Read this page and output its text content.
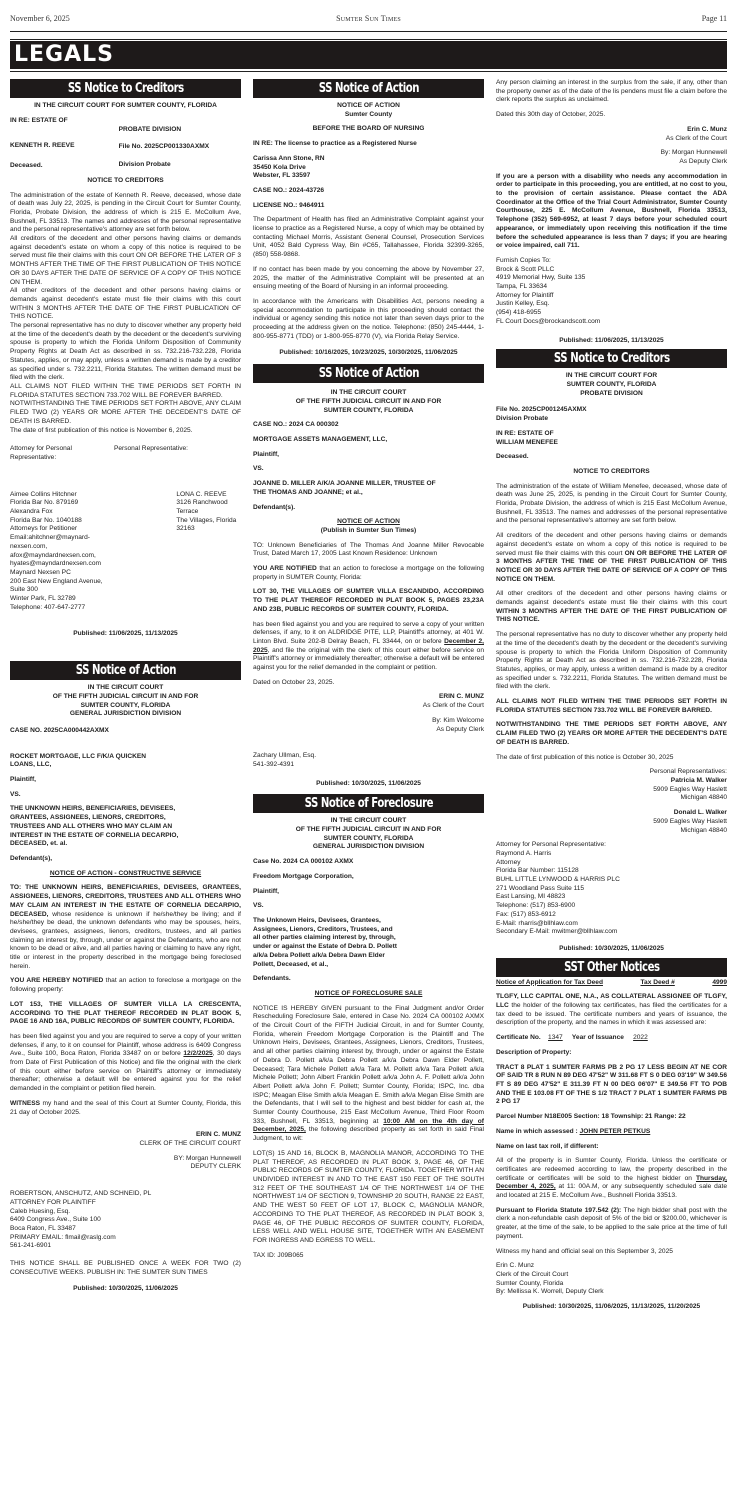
November 6, 2025	Sumter Sun Times	Page 11
LEGALS
SS Notice to Creditors

IN THE CIRCUIT COURT FOR SUMTER COUNTY, FLORIDA

IN RE: ESTATE OF
KENNETH R. REEVE
Deceased.
PROBATE DIVISION
File No. 2025CP001330AXMX
Division Probate

NOTICE TO CREDITORS

The administration of the estate of Kenneth R. Reeve, deceased, whose date of death was July 22, 2025, is pending in the Circuit Court for Sumter County, Florida, Probate Division, the address of which is 215 E. McCollum Ave, Bushnell, FL 33513. The names and addresses of the personal representative and the personal representative's attorney are set forth below.

All creditors of the decedent and other persons having claims or demands against decedent's estate on whom a copy of this notice is required to be served must file their claims with this court ON OR BEFORE THE LATER OF 3 MONTHS AFTER THE TIME OF THE FIRST PUBLICATION OF THIS NOTICE OR 30 DAYS AFTER THE DATE OF SERVICE OF A COPY OF THIS NOTICE ON THEM.

All other creditors of the decedent and other persons having claims or demands against decedent's estate must file their claims with this court WITHIN 3 MONTHS AFTER THE DATE OF THE FIRST PUBLICATION OF THIS NOTICE.

The personal representative has no duty to discover whether any property held at the time of the decedent's death by the decedent or the decedent's surviving spouse is property to which the Florida Uniform Disposition of Community Property Rights at Death Act as described in ss. 732.216-732.228, Florida Statutes, applies, or may apply, unless a written demand is made by a creditor as specified under s. 732.2211, Florida Statutes. The written demand must be filed with the clerk.

ALL CLAIMS NOT FILED WITHIN THE TIME PERIODS SET FORTH IN FLORIDA STATUTES SECTION 733.702 WILL BE FOREVER BARRED.

NOTWITHSTANDING THE TIME PERIODS SET FORTH ABOVE, ANY CLAIM FILED TWO (2) YEARS OR MORE AFTER THE DECEDENT'S DATE OF DEATH IS BARRED.

The date of first publication of this notice is November 6, 2025.

Attorney for Personal Representative:
Personal Representative:
Aimee Collins Hitchner
Florida Bar No. 879169
Alexandra Fox
Florida Bar No. 1040188
Attorneys for Petitioner
Email:ahitchner@maynard-nexsen.com,
afox@mayndardnexsen.com,
hyates@mayndardnexsen.com
Maynard Nexsen PC
200 East New England Avenue, Suite 300
Winter Park, FL 32789
Telephone: 407-647-2777
LONA C. REEVE
3126 Ranchwood Terrace
The Villages, Florida 32163
Published: 11/06/2025, 11/13/2025
SS Notice of Action
IN THE CIRCUIT COURT
OF THE FIFTH JUDICIAL CIRCUIT IN AND FOR
SUMTER COUNTY, FLORIDA
GENERAL JURISDICTION DIVISION

CASE NO. 2025CA000442AXMX

ROCKET MORTGAGE, LLC F/K/A QUICKEN LOANS, LLC,

Plaintiff,

VS.

THE UNKNOWN HEIRS, BENEFICIARIES, DEVISEES, GRANTEES, ASSIGNEES, LIENORS, CREDITORS, TRUSTEES AND ALL OTHERS WHO MAY CLAIM AN INTEREST IN THE ESTATE OF CORNELIA DECARPIO, DECEASED, et. al.

Defendant(s),

NOTICE OF ACTION - CONSTRUCTIVE SERVICE

TO: THE UNKNOWN HEIRS, BENEFICIARIES, DEVISEES, GRANTEES, ASSIGNEES, LIENORS, CREDITORS, TRUSTEES AND ALL OTHERS WHO MAY CLAIM AN INTEREST IN THE ESTATE OF CORNELIA DECARPIO, DECEASED, whose residence is unknown if he/she/they be living; and if he/she/they be dead, the unknown defendants who may be spouses, heirs, devisees, grantees, assignees, lienors, creditors, trustees, and all parties claiming an interest by, through, under or against the Defendants, who are not known to be dead or alive, and all parties having or claiming to have any right, title or interest in the property described in the mortgage being foreclosed herein.

YOU ARE HEREBY NOTIFIED that an action to foreclose a mortgage on the following property:

LOT 153, THE VILLAGES OF SUMTER VILLA LA CRESCENTA, ACCORDING TO THE PLAT THEREOF RECORDED IN PLAT BOOK 5, PAGE 16 AND 16A, PUBLIC RECORDS OF SUMTER COUNTY, FLORIDA.

has been filed against you and you are required to serve a copy of your written defenses, if any, to it on counsel for Plaintiff, whose address is 6409 Congress Ave., Suite 100, Boca Raton, Florida 33487 on or before 12/2/2025, 30 days from Date of First Publication of this Notice) and file the original with the clerk of this court either before service on Plaintiff's attorney or immediately thereafter; otherwise a default will be entered against you for the relief demanded in the complaint or petition filed herein.

WITNESS my hand and the seal of this Court at Sumter County, Florida, this 21 day of October 2025.

ERIN C. MUNZ
CLERK OF THE CIRCUIT COURT
BY: Morgan Hunnewell
DEPUTY CLERK
ROBERTSON, ANSCHUTZ, AND SCHNEID, PL
ATTORNEY FOR PLAINTIFF
Caleb Huesing, Esq.
6409 Congress Ave., Suite 100
Boca Raton, FL 33487
PRIMARY EMAIL: flmail@raslg.com
561-241-6901

THIS NOTICE SHALL BE PUBLISHED ONCE A WEEK FOR TWO (2) CONSECUTIVE WEEKS. PUBLISH IN: THE SUMTER SUN TIMES

Published: 10/30/2025, 11/06/2025
SS Notice of Action
NOTICE OF ACTION
Sumter County

BEFORE THE BOARD OF NURSING

IN RE: The license to practice as a Registered Nurse

Carissa Ann Stone, RN
35450 Kola Drive
Webster, FL 33597

CASE NO.: 2024-43726

LICENSE NO.: 9464911

The Department of Health has filed an Administrative Complaint against your license to practice as a Registered Nurse, a copy of which may be obtained by contacting Michael Morris, Assistant General Counsel, Prosecution Services Unit, 4052 Bald Cypress Way, Bin #C65, Tallahassee, Florida 32399-3265, (850) 558-9868.

If no contact has been made by you concerning the above by November 27, 2025, the matter of the Administrative Complaint will be presented at an ensuing meeting of the Board of Nursing in an informal proceeding.

In accordance with the Americans with Disabilities Act, persons needing a special accommodation to participate in this proceeding should contact the individual or agency sending this notice not later than seven days prior to the proceeding at the address given on the notice. Telephone: (850) 245-4444, 1-800-955-8771 (TDD) or 1-800-955-8770 (V), via Florida Relay Service.

Published: 10/16/2025, 10/23/2025, 10/30/2025, 11/06/2025
SS Notice of Action
IN THE CIRCUIT COURT
OF THE FIFTH JUDICIAL CIRCUIT IN AND FOR
SUMTER COUNTY, FLORIDA

CASE NO.: 2024 CA 000302

MORTGAGE ASSETS MANAGEMENT, LLC,

Plaintiff,

VS.

JOANNE D. MILLER A/K/A JOANNE MILLER, TRUSTEE OF THE THOMAS AND JOANNE; et al.,

Defendant(s).

NOTICE OF ACTION
(Publish in Sumter Sun Times)

TO: Unknown Beneficiaries of The Thomas And Joanne Miller Revocable Trust, Dated March 17, 2005 Last Known Residence: Unknown

YOU ARE NOTIFIED that an action to foreclose a mortgage on the following property in SUMTER County, Florida:

LOT 30, THE VILLAGES OF SUMTER VILLA ESCANDIDO, ACCORDING TO THE PLAT THEREOF RECORDED IN PLAT BOOK 5, PAGES 23,23A AND 23B, PUBLIC RECORDS OF SUMTER COUNTY, FLORIDA.

has been filed against you and you are required to serve a copy of your written defenses, if any, to it on ALDRIDGE PITE, LLP, Plaintiff's attorney, at 401 W. Linton Blvd. Suite 202-B Delray Beach, FL 33444, on or before December 2, 2025, and file the original with the clerk of this court either before service on Plaintiff's attorney or immediately thereafter; otherwise a default will be entered against you for the relief demanded in the complaint or petition.

Dated on October 23, 2025.

ERIN C. MUNZ
As Clerk of the Court
By: Kim Welcome
As Deputy Clerk
Zachary Ullman, Esq.
541-392-4391
Published: 10/30/2025, 11/06/2025
SS Notice of Foreclosure
IN THE CIRCUIT COURT
OF THE FIFTH JUDICIAL CIRCUIT IN AND FOR
SUMTER COUNTY, FLORIDA
GENERAL JURISDICTION DIVISION

Case No. 2024 CA 000102 AXMX

Freedom Mortgage Corporation,

Plaintiff,

VS.

The Unknown Heirs, Devisees, Grantees, Assignees, Lienors, Creditors, Trustees, and all other parties claiming interest by, through, under or against the Estate of Debra D. Pollett a/k/a Debra Pollett a/k/a Debra Dawn Elder Pollett, Deceased, et al.,

Defendants.

NOTICE OF FORECLOSURE SALE

NOTICE IS HEREBY GIVEN pursuant to the Final Judgment and/or Order Rescheduling Foreclosure Sale, entered in Case No. 2024 CA 000102 AXMX of the Circuit Court of the FIFTH Judicial Circuit, in and for Sumter County, Florida, wherein Freedom Mortgage Corporation is the Plaintiff and The Unknown Heirs, Devisees, Grantees, Assignees, Lienors, Creditors, Trustees, and all other parties claiming interest by, through, under or against the Estate of Debra D. Pollett a/k/a Debra Pollett a/k/a Debra Dawn Elder Pollett, Deceased; Tara Michele Pollett a/k/a Tara M. Pollett a/k/a Tara Pollett a/k/a Michele Pollett; John Albert Franklin Pollett a/k/a John A. F. Pollett a/k/a John Albert Pollett a/k/a John F. Pollett; Sumter County, Florida; ISPC, Inc. dba ISPC; Meagan Elise Smith a/k/a Meagan E. Smith a/k/a Megan Elise Smith are the Defendants, that I will sell to the highest and best bidder for cash at, the Sumter County Courthouse, 215 East McCollum Avenue, Third Floor Room 333, Bushnell, FL 33513, beginning at 10:00 AM on the 4th day of December, 2025, the following described property as set forth in said Final Judgment, to wit:

LOT(S) 15 AND 16, BLOCK B, MAGNOLIA MANOR, ACCORDING TO THE PLAT THEREOF, AS RECORDED IN PLAT BOOK 3, PAGE 46, OF THE PUBLIC RECORDS OF SUMTER COUNTY, FLORIDA. TOGETHER WITH AN UNDIVIDED INTEREST IN AND TO THE EAST 150 FEET OF THE SOUTH 312 FEET OF THE SOUTHEAST 1/4 OF THE NORTHWEST 1/4 OF THE NORTHWEST 1/4 OF SECTION 9, TOWNSHIP 20 SOUTH, RANGE 22 EAST, AND THE WEST 50 FEET OF LOT 17, BLOCK C, MAGNOLIA MANOR, ACCORDING TO THE PLAT THEREOF, AS RECORDED IN PLAT BOOK 3, PAGE 46, OF THE PUBLIC RECORDS OF SUMTER COUNTY, FLORIDA, LESS WELL AND WELL HOUSE SITE, TOGETHER WITH AN EASEMENT FOR INGRESS AND EGRESS TO WELL.

TAX ID: J09B065

Any person claiming an interest in the surplus from the sale, if any, other than the property owner as of the date of the lis pendens must file a claim before the clerk reports the surplus as unclaimed.

Dated this 30th day of October, 2025.

Erin C. Munz
As Clerk of the Court
By: Morgan Hunnewell
As Deputy Clerk

If you are a person with a disability who needs any accommodation in order to participate in this proceeding, you are entitled, at no cost to you, to the provision of certain assistance. Please contact the ADA Coordinator at the Office of the Trial Court Administrator, Sumter County Courthouse, 225 E. McCollum Avenue, Bushnell, Florida 33513, Telephone (352) 569-6952, at least 7 days before your scheduled court appearance, or immediately upon receiving this notification if the time before the scheduled appearance is less than 7 days; if you are hearing or voice impaired, call 711.

Furnish Copies To:
Brock & Scott PLLC
4919 Memorial Hwy, Suite 135
Tampa, FL 33634
Attorney for Plaintiff
Justin Kelley, Esq.
(954) 418-6955
FL Court Docs@brockandscott.com
Published: 11/06/2025, 11/13/2025
SS Notice to Creditors
IN THE CIRCUIT COURT FOR
SUMTER COUNTY, FLORIDA
PROBATE DIVISION
File No. 2025CP001245AXMX
Division Probate
IN RE: ESTATE OF
WILLIAM MENEFEE

Deceased.

NOTICE TO CREDITORS

The administration of the estate of William Menefee, deceased, whose date of death was June 25, 2025, is pending in the Circuit Court for Sumter County, Florida, Probate Division, the address of which is 215 East McCollum Avenue, Bushnell, FL 33513. The names and addresses of the personal representative and the personal representative's attorney are set forth below.

All creditors of the decedent and other persons having claims or demands against decedent's estate on whom a copy of this notice is required to be served must file their claims with this court ON OR BEFORE THE LATER OF 3 MONTHS AFTER THE TIME OF THE FIRST PUBLICATION OF THIS NOTICE OR 30 DAYS AFTER THE DATE OF SERVICE OF A COPY OF THIS NOTICE ON THEM.

All other creditors of the decedent and other persons having claims or demands against decedent's estate must file their claims with this court WITHIN 3 MONTHS AFTER THE DATE OF THE FIRST PUBLICATION OF THIS NOTICE.

The personal representative has no duty to discover whether any property held at the time of the decedent's death by the decedent or the decedent's surviving spouse is property to which the Florida Uniform Disposition of Community Property Rights at Death Act as described in ss. 732.216-732.228, Florida Statutes, applies, or may apply, unless a written demand is made by a creditor as specified under s. 732.2211, Florida Statutes. The written demand must be filed with the clerk.

ALL CLAIMS NOT FILED WITHIN THE TIME PERIODS SET FORTH IN FLORIDA STATUTES SECTION 733.702 WILL BE FOREVER BARRED.

NOTWITHSTANDING THE TIME PERIODS SET FORTH ABOVE, ANY CLAIM FILED TWO (2) YEARS OR MORE AFTER THE DECEDENT'S DATE OF DEATH IS BARRED.

The date of first publication of this notice is October 30, 2025

Personal Representatives:
Patricia M. Walker
5909 Eagles Way Haslett
Michigan 48840
Donald L. Walker
5909 Eagles Way Haslett
Michigan 48840
Attorney for Personal Representative:
Raymond A. Harris
Attorney
Florida Bar Number: 115128
BUHL LITTLE LYNWOOD & HARRIS PLC
271 Woodland Pass Suite 115
East Lansing, MI 48823
Telephone: (517) 853-6900
Fax: (517) 853-6912
E-Mail: rharris@bllhlaw.com
Secondary E-Mail: mwitmer@bllhlaw.com
Published: 10/30/2025, 11/06/2025
SST Other Notices
Notice of Application for Tax Deed	Tax Deed #	4999

TLGFY, LLC CAPITAL ONE, N.A., AS COLLATERAL ASSIGNEE OF TLGFY, LLC the holder of the following tax certificates, has filed the certificates for a tax deed to be issued. The certificate numbers and years of issuance, the description of the property, and the names in which it was assessed are:

Certificate No. 1347 Year of Issuance 2022

Description of Property:

TRACT 8 PLAT 1 SUMTER FARMS PB 2 PG 17 LESS BEGIN AT NE COR OF SAID TR 8 RUN N 89 DEG 47'52" W 311.68 FT S 0 DEG 03'19" W 349.56 FT S 89 DEG 47'52" E 311.39 FT N 00 DEG 06'07" E 349.56 FT TO POB AND THE E 103.08 FT OF THE S 1/2 TRACT 7 PLAT 1 SUMTER FARMS PB 2 PG 17

Parcel Number N18E005 Section: 18 Township: 21 Range: 22

Name in which assessed : JOHN PETER PETKUS

Name on last tax roll, if different:

All of the property is in Sumter County, Florida. Unless the certificate or certificates are redeemed according to law, the property described in the certificate or certificates will be sold to the highest bidder on Thursday, December 4, 2025, at 11: 00A.M, or any subsequently scheduled sale date and located at 215 E. McCollum Ave., Bushnell Florida 33513.

Pursuant to Florida Statute 197.542 (2): The high bidder shall post with the clerk a non-refundable cash deposit of 5% of the bid or $200.00, whichever is greater, at the time of the sale, to be applied to the sale price at the time of full payment.

Witness my hand and official seal on this September 3, 2025

Erin C. Munz
Clerk of the Circuit Court
Sumter County, Florida
By: Mellissa K. Worrell, Deputy Clerk
Published: 10/30/2025, 11/06/2025, 11/13/2025, 11/20/2025
